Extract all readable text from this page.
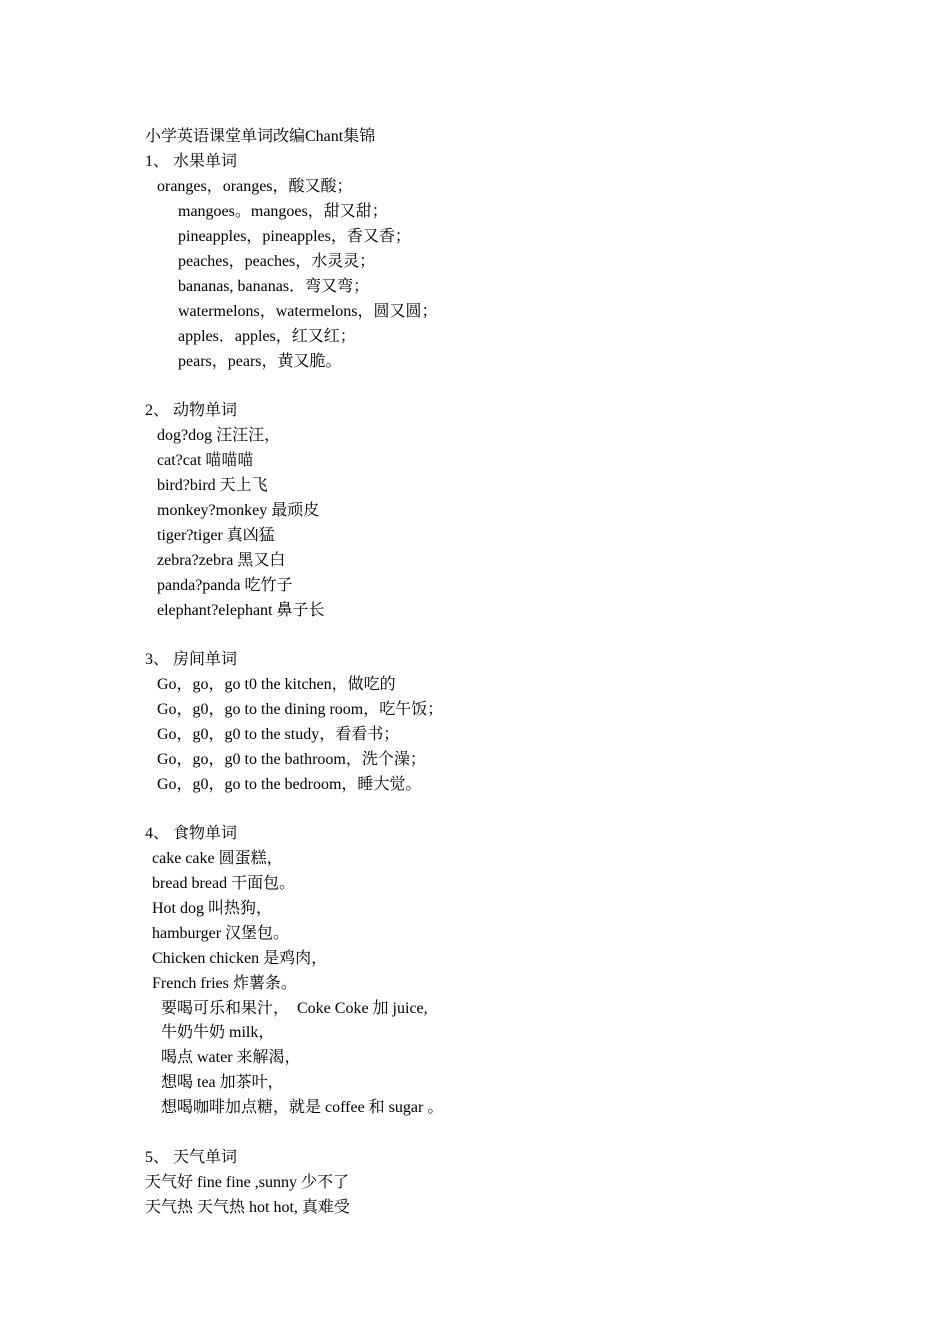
小学英语课堂单词改编Chant集锦
1、 水果单词
oranges，oranges，酸又酸；
mangoes。mangoes，甜又甜；
pineapples，pineapples，香又香；
peaches，peaches，水灵灵；
bananas, bananas．弯又弯；
watermelons，watermelons，圆又圆；
apples．apples，红又红；
pears，pears，黄又脆。
2、 动物单词
dog?dog 汪汪汪，
cat?cat 喵喵喵
bird?bird 天上飞
monkey?monkey 最顽皮
tiger?tiger 真凶猛
zebra?zebra 黑又白
panda?panda 吃竹子
elephant?elephant 鼻子长
3、 房间单词
Go，go，go t0 the kitchen，做吃的
Go，g0，go to the dining room，吃午饭；
Go，g0，g0 to the study，看看书；
Go，go，g0 to the bathroom，洗个澡；
Go，g0，go to the bedroom，睡大觉。
4、 食物单词
cake cake 圆蛋糕，
bread bread 干面包。
Hot dog 叫热狗，
hamburger 汉堡包。
Chicken chicken 是鸡肉，
French fries 炸薯条。
要喝可乐和果汁，  Coke Coke 加 juice,
牛奶牛奶 milk，
喝点 water 来解渴，
想喝 tea 加茶叶，
想喝咖啡加点糖，就是 coffee 和 sugar 。
5、 天气单词
天气好 fine fine ,sunny 少不了
天气热 天气热 hot hot, 真难受
